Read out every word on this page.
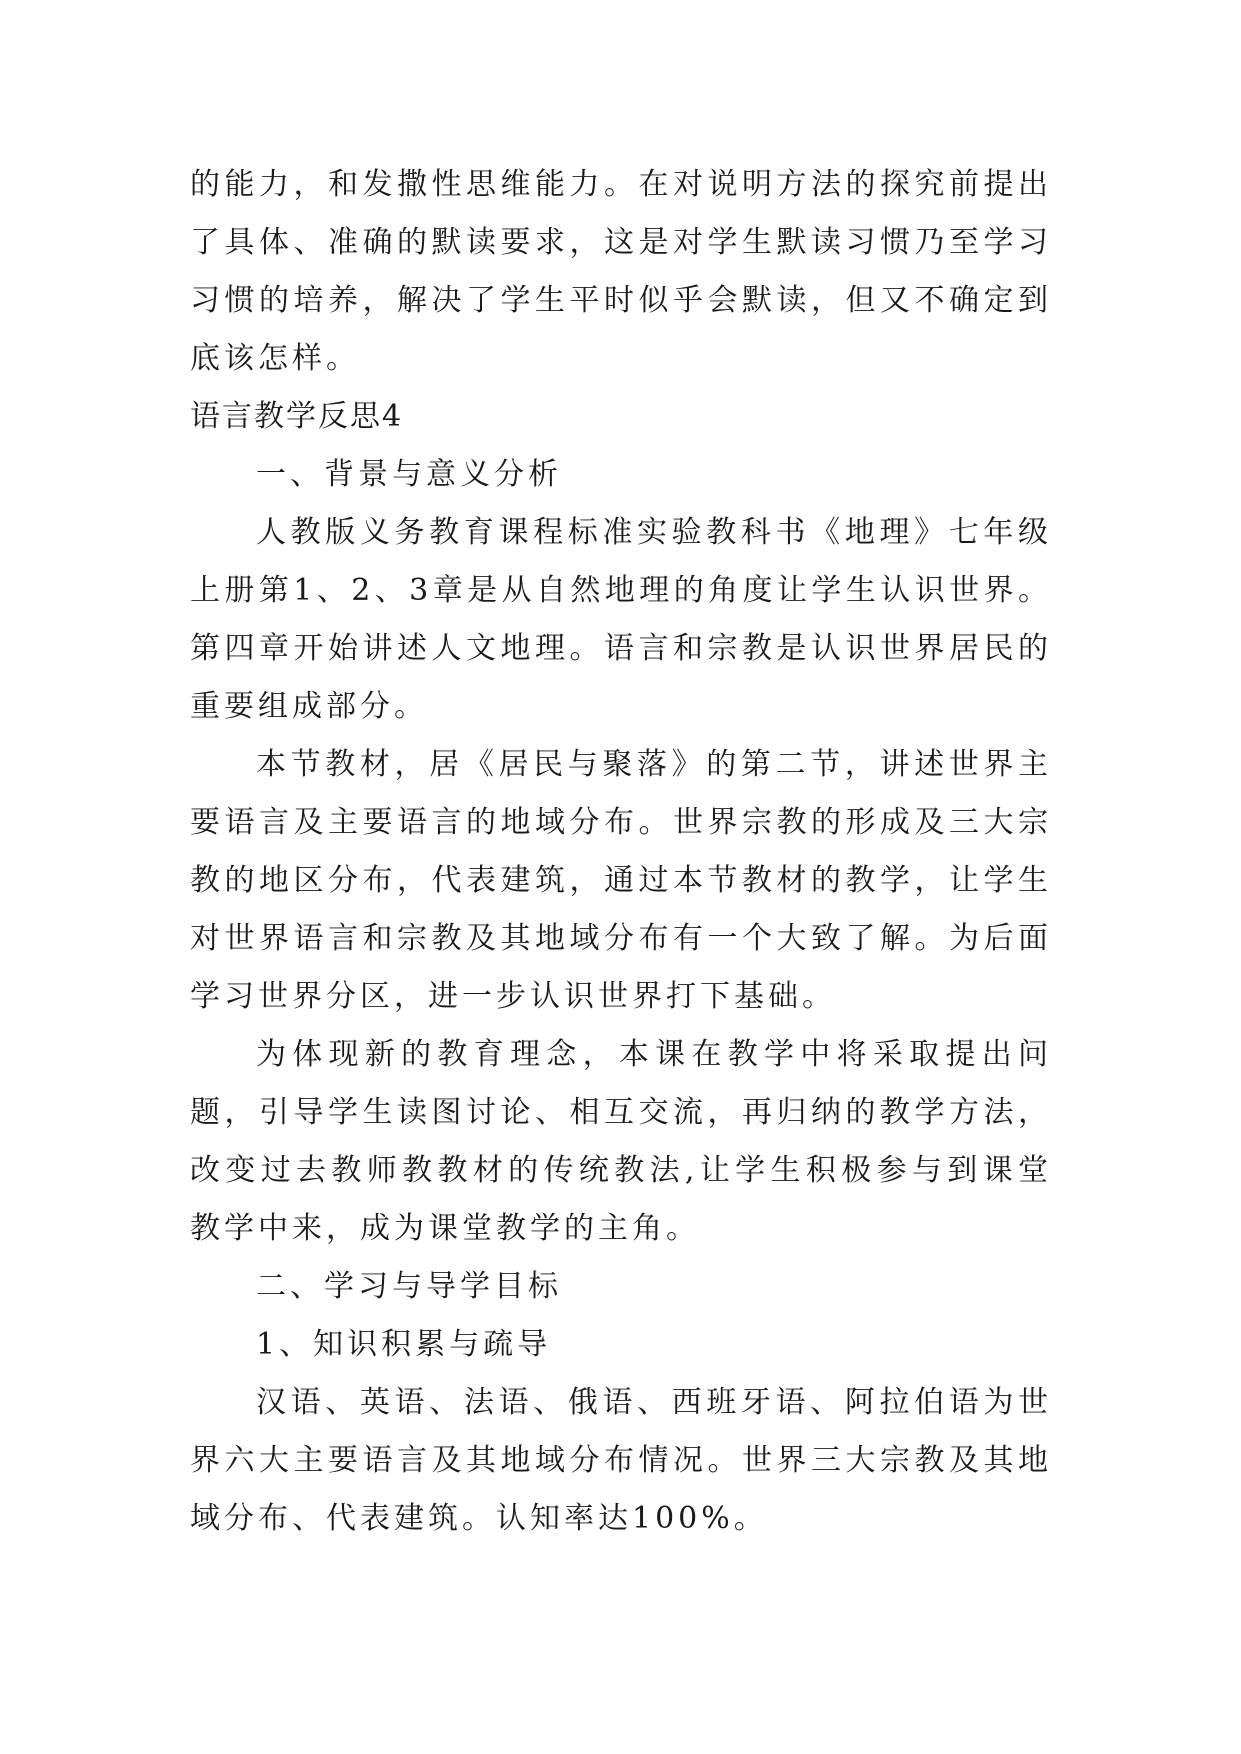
的能力，和发撒性思维能力。在对说明方法的探究前提出了具体、准确的默读要求，这是对学生默读习惯乃至学习习惯的培养，解决了学生平时似乎会默读，但又不确定到底该怎样。

语言教学反思4

一、背景与意义分析

人教版义务教育课程标准实验教科书《地理》七年级上册第1、2、3章是从自然地理的角度让学生认识世界。第四章开始讲述人文地理。语言和宗教是认识世界居民的重要组成部分。

本节教材，居《居民与聚落》的第二节，讲述世界主要语言及主要语言的地域分布。世界宗教的形成及三大宗教的地区分布，代表建筑，通过本节教材的教学，让学生对世界语言和宗教及其地域分布有一个大致了解。为后面学习世界分区，进一步认识世界打下基础。

为体现新的教育理念，本课在教学中将采取提出问题，引导学生读图讨论、相互交流，再归纳的教学方法，改变过去教师教教材的传统教法,让学生积极参与到课堂教学中来，成为课堂教学的主角。

二、学习与导学目标

1、知识积累与疏导

汉语、英语、法语、俄语、西班牙语、阿拉伯语为世界六大主要语言及其地域分布情况。世界三大宗教及其地域分布、代表建筑。认知率达100%。
